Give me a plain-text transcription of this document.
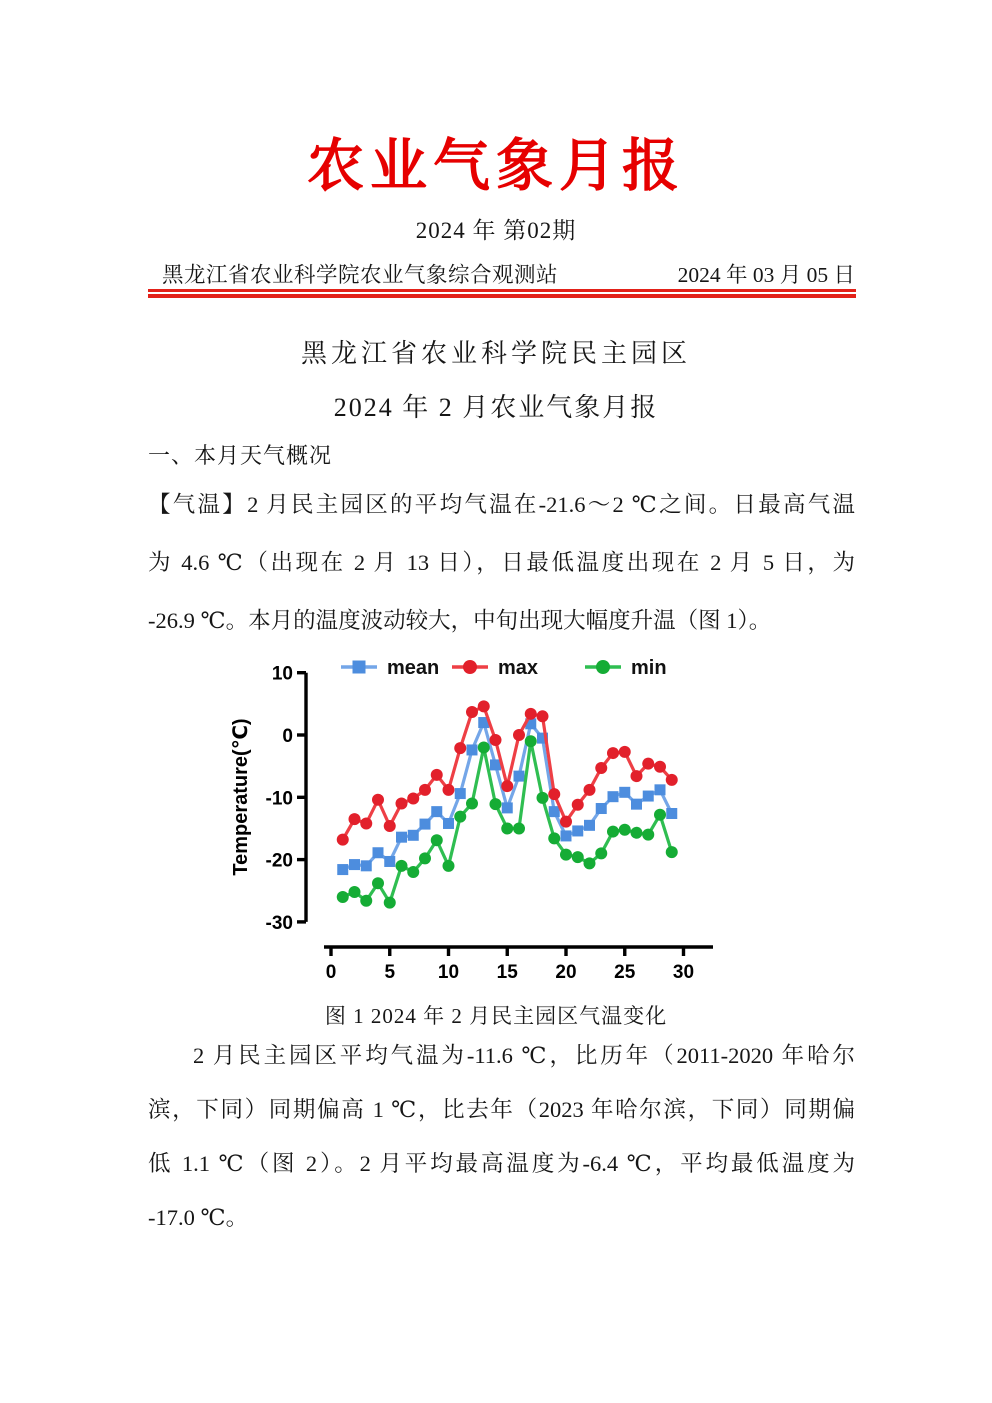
农业气象月报
2024 年 第02期
黑龙江省农业科学院农业气象综合观测站	2024 年 03 月 05 日
黑龙江省农业科学院民主园区
2024 年 2 月农业气象月报
一、本月天气概况
【气温】2 月民主园区的平均气温在-21.6～2 ℃之间。日最高气温
为 4.6 ℃（出现在 2 月 13 日），日最低温度出现在 2 月 5 日，为
-26.9 ℃。本月的温度波动较大，中旬出现大幅度升温（图 1）。
10
0
-10
-20
-30
Temperature(℃)
0	5 10 15 20 25 30
mean	max	min
图 1 2024 年 2 月民主园区气温变化
2 月民主园区平均气温为-11.6 ℃，比历年（2011-2020 年哈尔
滨，下同）同期偏高 1 ℃，比去年（2023 年哈尔滨，下同）同期偏
低 1.1 ℃（图 2）。2 月平均最高温度为-6.4 ℃，平均最低温度为
-17.0 ℃。
